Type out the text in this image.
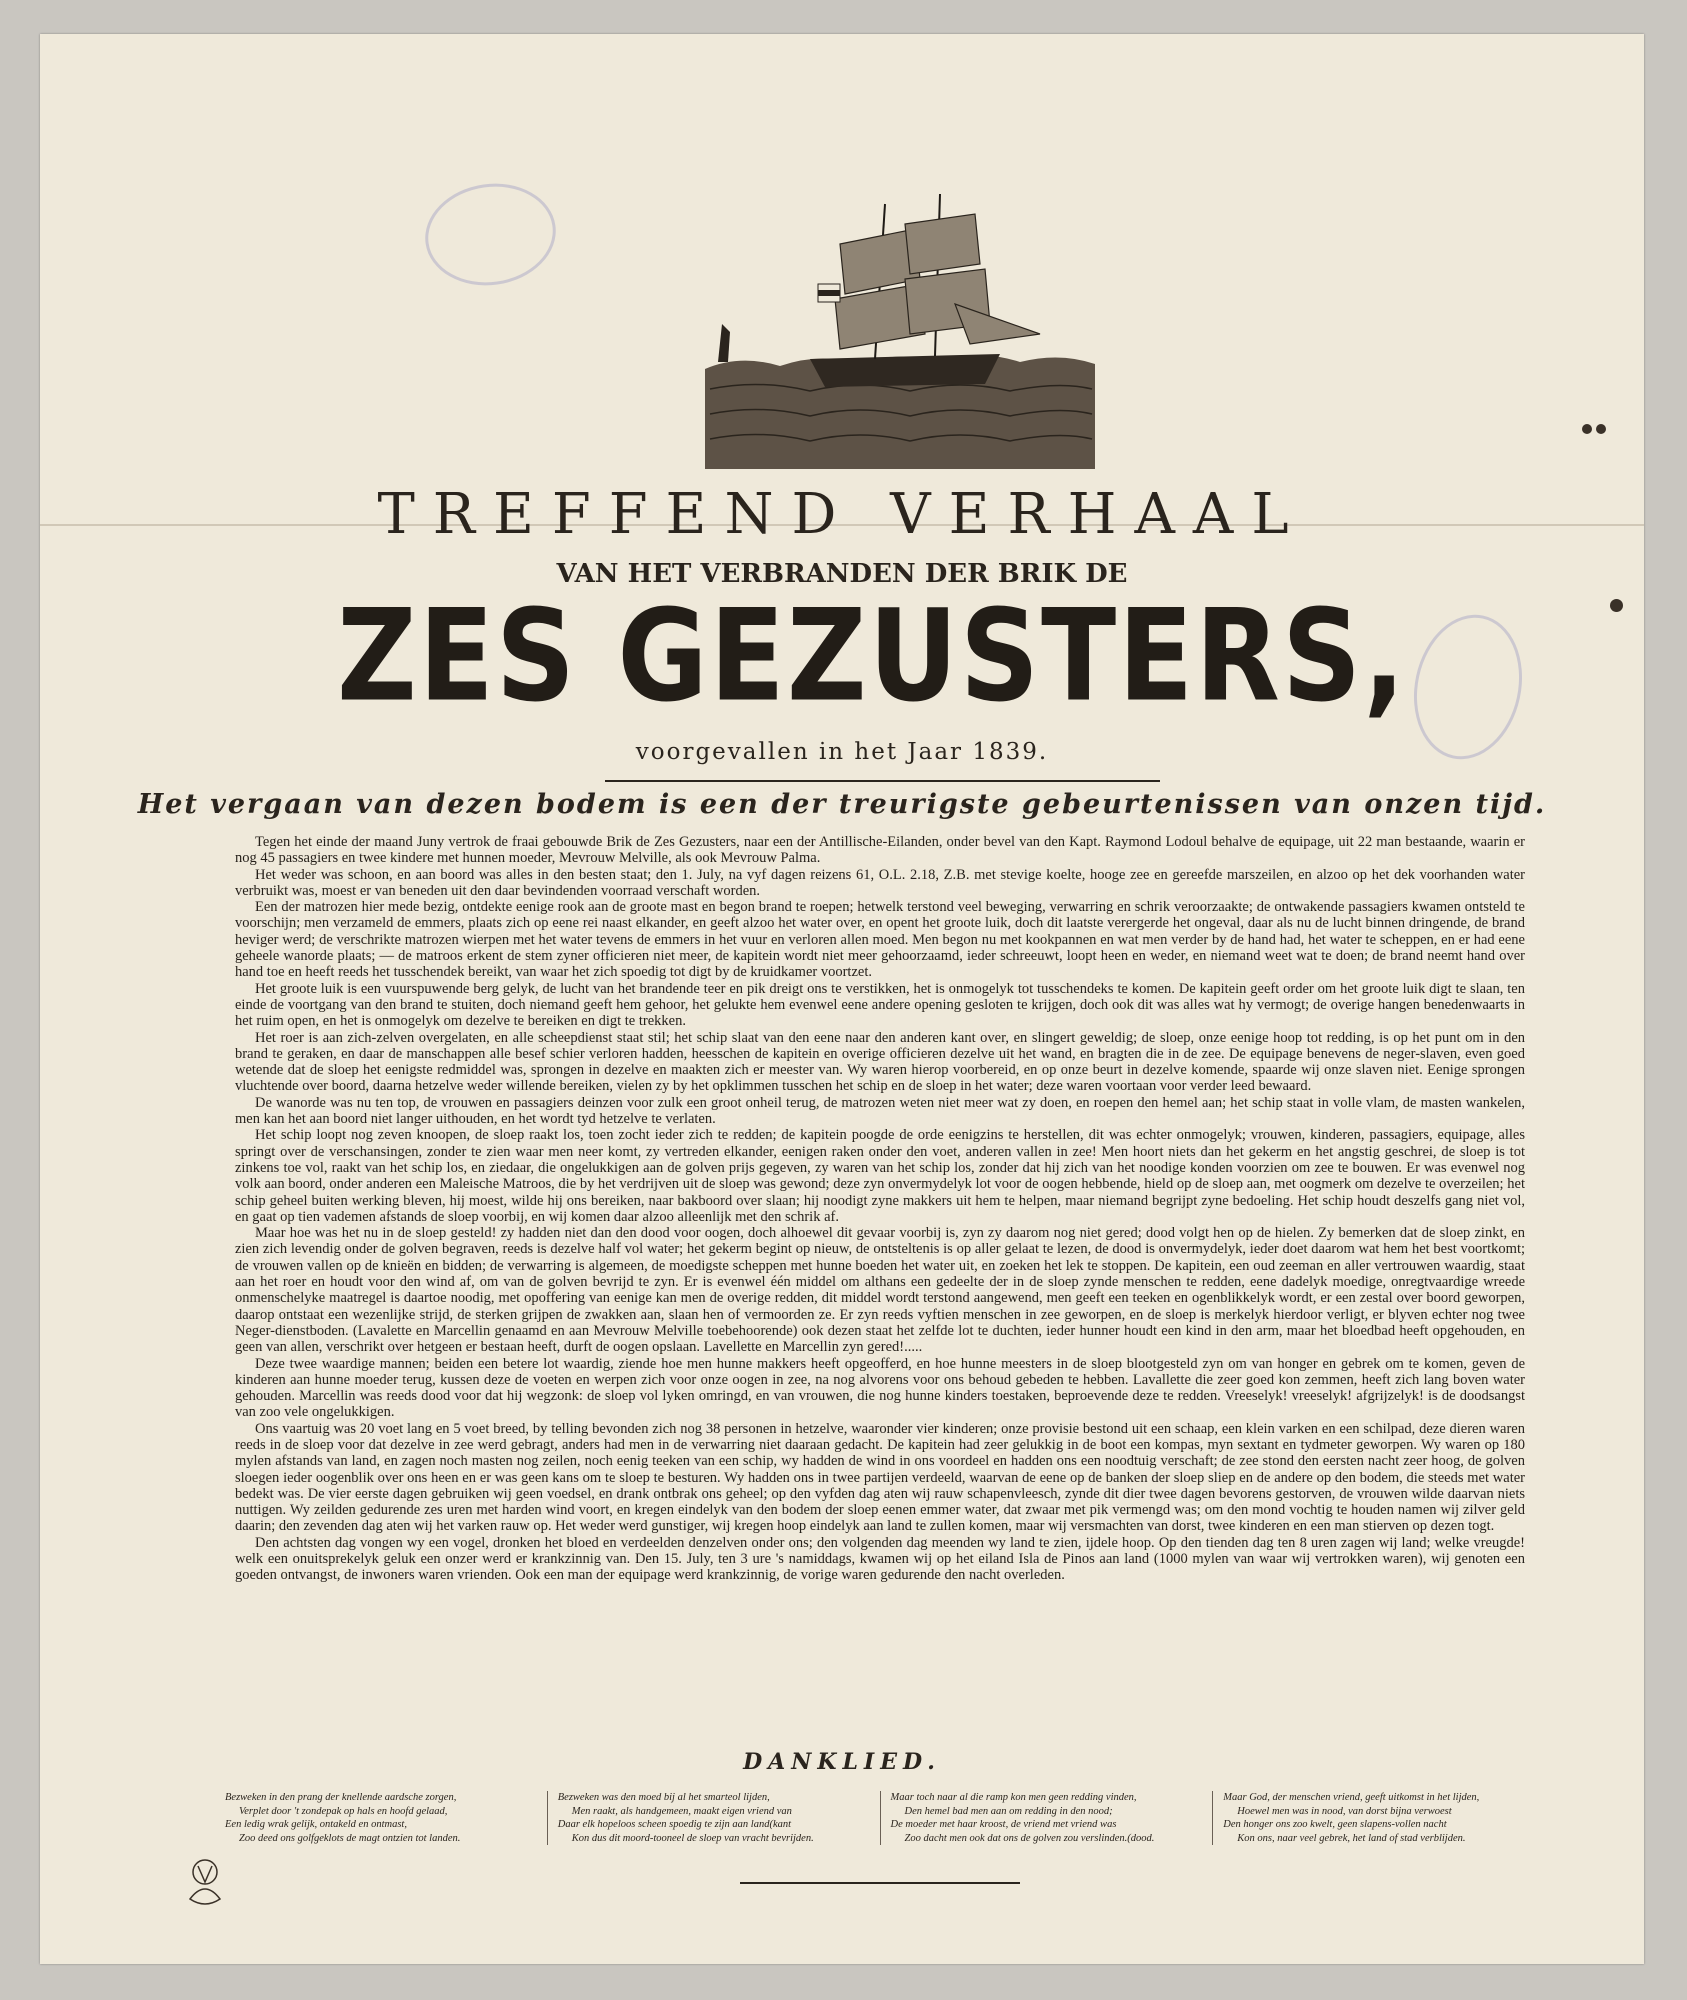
TREFFEND VERHAAL
VAN HET VERBRANDEN DER BRIK DE
ZES GEZUSTERS,
voorgevallen in het Jaar 1839.
Het vergaan van dezen bodem is een der treurigste gebeurtenissen van onzen tijd.

Tegen het einde der maand Juny vertrok de fraai gebouwde Brik de Zes Gezusters, naar een der Antillische-Eilanden, onder bevel van den Kapt. Raymond Lodoul behalve de equipage, uit 22 man bestaande, waarin er nog 45 passagiers en twee kindere met hunnen moeder, Mevrouw Melville, als ook Mevrouw Palma.

Het weder was schoon, en aan boord was alles in den besten staat; den 1. July, na vyf dagen reizens 61, O.L. 2.18, Z.B. met stevige koelte, hooge zee en gereefde marszeilen, en alzoo op het dek voorhanden water verbruikt was, moest er van beneden uit den daar bevindenden voorraad verschaft worden.

Een der matrozen hier mede bezig, ontdekte eenige rook aan de groote mast en begon brand te roepen; hetwelk terstond veel beweging, verwarring en schrik veroorzaakte; de ontwakende passagiers kwamen ontsteld te voorschijn; men verzameld de emmers, plaats zich op eene rei naast elkander, en geeft alzoo het water over, en opent het groote luik, doch dit laatste verergerde het ongeval, daar als nu de lucht binnen dringende, de brand heviger werd; de verschrikte matrozen wierpen met het water tevens de emmers in het vuur en verloren allen moed. Men begon nu met kookpannen en wat men verder by de hand had, het water te scheppen, en er had eene geheele wanorde plaats; — de matroos erkent de stem zyner officieren niet meer, de kapitein wordt niet meer gehoorzaamd, ieder schreeuwt, loopt heen en weder, en niemand weet wat te doen; de brand neemt hand over hand toe en heeft reeds het tusschendek bereikt, van waar het zich spoedig tot digt by de kruidkamer voortzet.

Het groote luik is een vuurspuwende berg gelyk, de lucht van het brandende teer en pik dreigt ons te verstikken, het is onmogelyk tot tusschendeks te komen. De kapitein geeft order om het groote luik digt te slaan, ten einde de voortgang van den brand te stuiten, doch niemand geeft hem gehoor, het gelukte hem evenwel eene andere opening gesloten te krijgen, doch ook dit was alles wat hy vermogt; de overige hangen benedenwaarts in het ruim open, en het is onmogelyk om dezelve te bereiken en digt te trekken.

Het roer is aan zich-zelven overgelaten, en alle scheepdienst staat stil; het schip slaat van den eene naar den anderen kant over, en slingert geweldig; de sloep, onze eenige hoop tot redding, is op het punt om in den brand te geraken, en daar de manschappen alle besef schier verloren hadden, heesschen de kapitein en overige officieren dezelve uit het wand, en bragten die in de zee. De equipage benevens de neger-slaven, even goed wetende dat de sloep het eenigste redmiddel was, sprongen in dezelve en maakten zich er meester van. Wy waren hierop voorbereid, en op onze beurt in dezelve komende, spaarde wij onze slaven niet. Eenige sprongen vluchtende over boord, daarna hetzelve weder willende bereiken, vielen zy by het opklimmen tusschen het schip en de sloep in het water; deze waren voortaan voor verder leed bewaard.

De wanorde was nu ten top, de vrouwen en passagiers deinzen voor zulk een groot onheil terug, de matrozen weten niet meer wat zy doen, en roepen den hemel aan; het schip staat in volle vlam, de masten wankelen, men kan het aan boord niet langer uithouden, en het wordt tyd hetzelve te verlaten.

Het schip loopt nog zeven knoopen, de sloep raakt los, toen zocht ieder zich te redden; de kapitein poogde de orde eenigzins te herstellen, dit was echter onmogelyk; vrouwen, kinderen, passagiers, equipage, alles springt over de verschansingen, zonder te zien waar men neer komt, zy vertreden elkander, eenigen raken onder den voet, anderen vallen in zee! Men hoort niets dan het gekerm en het angstig geschrei, de sloep is tot zinkens toe vol, raakt van het schip los, en ziedaar, die ongelukkigen aan de golven prijs gegeven, zy waren van het schip los, zonder dat hij zich van het noodige konden voorzien om zee te bouwen. Er was evenwel nog volk aan boord, onder anderen een Maleische Matroos, die by het verdrijven uit de sloep was gewond; deze zyn onvermydelyk lot voor de oogen hebbende, hield op de sloep aan, met oogmerk om dezelve te overzeilen; het schip geheel buiten werking bleven, hij moest, wilde hij ons bereiken, naar bakboord over slaan; hij noodigt zyne makkers uit hem te helpen, maar niemand begrijpt zyne bedoeling. Het schip houdt deszelfs gang niet vol, en gaat op tien vademen afstands de sloep voorbij, en wij komen daar alzoo alleenlijk met den schrik af.

Maar hoe was het nu in de sloep gesteld! zy hadden niet dan den dood voor oogen, doch alhoewel dit gevaar voorbij is, zyn zy daarom nog niet gered; dood volgt hen op de hielen. Zy bemerken dat de sloep zinkt, en zien zich levendig onder de golven begraven, reeds is dezelve half vol water; het gekerm begint op nieuw, de ontsteltenis is op aller gelaat te lezen, de dood is onvermydelyk, ieder doet daarom wat hem het best voortkomt; de vrouwen vallen op de knieën en bidden; de verwarring is algemeen, de moedigste scheppen met hunne boeden het water uit, en zoeken het lek te stoppen. De kapitein, een oud zeeman en aller vertrouwen waardig, staat aan het roer en houdt voor den wind af, om van de golven bevrijd te zyn. Er is evenwel één middel om althans een gedeelte der in de sloep zynde menschen te redden, eene dadelyk moedige, onregtvaardige wreede onmenschelyke maatregel is daartoe noodig, met opoffering van eenige kan men de overige redden, dit middel wordt terstond aangewend, men geeft een teeken en ogenblikkelyk wordt, er een zestal over boord geworpen, daarop ontstaat een wezenlijke strijd, de sterken grijpen de zwakken aan, slaan hen of vermoorden ze. Er zyn reeds vyftien menschen in zee geworpen, en de sloep is merkelyk hierdoor verligt, er blyven echter nog twee Neger-dienstboden. (Lavalette en Marcellin genaamd en aan Mevrouw Melville toebehoorende) ook dezen staat het zelfde lot te duchten, ieder hunner houdt een kind in den arm, maar het bloedbad heeft opgehouden, en geen van allen, verschrikt over hetgeen er bestaan heeft, durft de oogen opslaan. Lavellette en Marcellin zyn gered!.....

Deze twee waardige mannen; beiden een betere lot waardig, ziende hoe men hunne makkers heeft opgeofferd, en hoe hunne meesters in de sloep blootgesteld zyn om van honger en gebrek om te komen, geven de kinderen aan hunne moeder terug, kussen deze de voeten en werpen zich voor onze oogen in zee, na nog alvorens voor ons behoud gebeden te hebben. Lavallette die zeer goed kon zemmen, heeft zich lang boven water gehouden. Marcellin was reeds dood voor dat hij wegzonk: de sloep vol lyken omringd, en van vrouwen, die nog hunne kinders toestaken, beproevende deze te redden. Vreeselyk! vreeselyk! afgrijzelyk! is de doodsangst van zoo vele ongelukkigen.

Ons vaartuig was 20 voet lang en 5 voet breed, by telling bevonden zich nog 38 personen in hetzelve, waaronder vier kinderen; onze provisie bestond uit een schaap, een klein varken en een schilpad, deze dieren waren reeds in de sloep voor dat dezelve in zee werd gebragt, anders had men in de verwarring niet daaraan gedacht. De kapitein had zeer gelukkig in de boot een kompas, myn sextant en tydmeter geworpen. Wy waren op 180 mylen afstands van land, en zagen noch masten nog zeilen, noch eenig teeken van een schip, wy hadden de wind in ons voordeel en hadden ons een noodtuig verschaft; de zee stond den eersten nacht zeer hoog, de golven sloegen ieder oogenblik over ons heen en er was geen kans om te sloep te besturen. Wy hadden ons in twee partijen verdeeld, waarvan de eene op de banken der sloep sliep en de andere op den bodem, die steeds met water bedekt was. De vier eerste dagen gebruiken wij geen voedsel, en drank ontbrak ons geheel; op den vyfden dag aten wij rauw schapenvleesch, zynde dit dier twee dagen bevorens gestorven, de vrouwen wilde daarvan niets nuttigen. Wy zeilden gedurende zes uren met harden wind voort, en kregen eindelyk van den bodem der sloep eenen emmer water, dat zwaar met pik vermengd was; om den mond vochtig te houden namen wij zilver geld daarin; den zevenden dag aten wij het varken rauw op. Het weder werd gunstiger, wij kregen hoop eindelyk aan land te zullen komen, maar wij versmachten van dorst, twee kinderen en een man stierven op dezen togt.

Den achtsten dag vongen wy een vogel, dronken het bloed en verdeelden denzelven onder ons; den volgenden dag meenden wy land te zien, ijdele hoop. Op den tienden dag ten 8 uren zagen wij land; welke vreugde! welk een onuitsprekelyk geluk een onzer werd er krankzinnig van. Den 15. July, ten 3 ure 's namiddags, kwamen wij op het eiland Isla de Pinos aan land (1000 mylen van waar wij vertrokken waren), wij genoten een goeden ontvangst, de inwoners waren vrienden. Ook een man der equipage werd krankzinnig, de vorige waren gedurende den nacht overleden.

DANKLIED.
Bezweken in den prang der knellende aardsche zorgen,
Verplet door 't zondepak op hals en hoofd gelaad,
Een ledig wrak gelijk, ontakeld en ontmast,
Zoo deed ons golfgeklots de magt ontzien tot landen.
Bezweken was den moed bij al het smarteol lijden,
Men raakt, als handgemeen, maakt eigen vriend van
Daar elk hopeloos scheen spoedig te zijn aan land(kant
Kon dus dit moord-tooneel de sloep van vracht bevrijden.
Maar toch naar al die ramp kon men geen redding vinden,
Den hemel bad men aan om redding in den nood;
De moeder met haar kroost, de vriend met vriend was
Zoo dacht men ook dat ons de golven zou verslinden.(dood.
Maar God, der menschen vriend, geeft uitkomst in het lijden,
Hoewel men was in nood, van dorst bijna verwoest
Den honger ons zoo kwelt, geen slapens-vollen nacht
Kon ons, naar veel gebrek, het land of stad verblijden.
